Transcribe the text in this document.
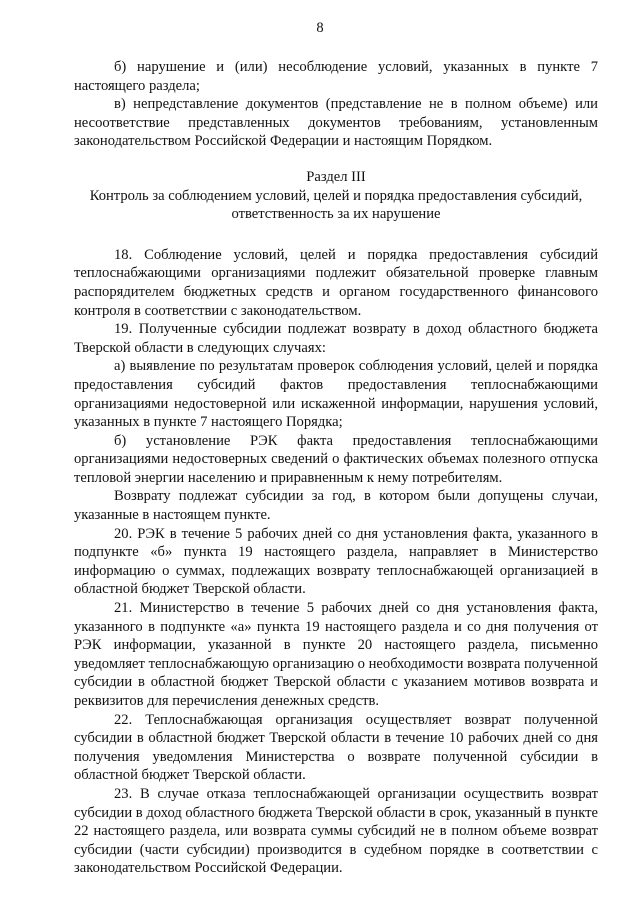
8

б) нарушение и (или) несоблюдение условий, указанных в пункте 7 настоящего раздела;

в) непредставление документов (представление не в полном объеме) или несоответствие представленных документов требованиям, установленным законодательством Российской Федерации и настоящим Порядком.

Раздел III
Контроль за соблюдением условий, целей и порядка предоставления субсидий, ответственность за их нарушение

18. Соблюдение условий, целей и порядка предоставления субсидий теплоснабжающими организациями подлежит обязательной проверке главным распорядителем бюджетных средств и органом государственного финансового контроля в соответствии с законодательством.

19. Полученные субсидии подлежат возврату в доход областного бюджета Тверской области в следующих случаях:

а) выявление по результатам проверок соблюдения условий, целей и порядка предоставления субсидий фактов предоставления теплоснабжающими организациями недостоверной или искаженной информации, нарушения условий, указанных в пункте 7 настоящего Порядка;

б) установление РЭК факта предоставления теплоснабжающими организациями недостоверных сведений о фактических объемах полезного отпуска тепловой энергии населению и приравненным к нему потребителям.

Возврату подлежат субсидии за год, в котором были допущены случаи, указанные в настоящем пункте.

20. РЭК в течение 5 рабочих дней со дня установления факта, указанного в подпункте «б» пункта 19 настоящего раздела, направляет в Министерство информацию о суммах, подлежащих возврату теплоснабжающей организацией в областной бюджет Тверской области.

21. Министерство в течение 5 рабочих дней со дня установления факта, указанного в подпункте «а» пункта 19 настоящего раздела и со дня получения от РЭК информации, указанной в пункте 20 настоящего раздела, письменно уведомляет теплоснабжающую организацию о необходимости возврата полученной субсидии в областной бюджет Тверской области с указанием мотивов возврата и реквизитов для перечисления денежных средств.

22. Теплоснабжающая организация осуществляет возврат полученной субсидии в областной бюджет Тверской области в течение 10 рабочих дней со дня получения уведомления Министерства о возврате полученной субсидии в областной бюджет Тверской области.

23. В случае отказа теплоснабжающей организации осуществить возврат субсидии в доход областного бюджета Тверской области в срок, указанный в пункте 22 настоящего раздела, или возврата суммы субсидий не в полном объеме возврат субсидии (части субсидии) производится в судебном порядке в соответствии с законодательством Российской Федерации.
